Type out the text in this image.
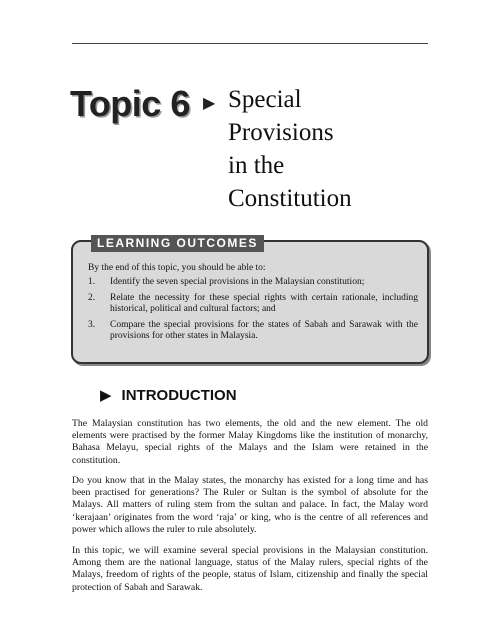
Topic 6 ▶ Special
Provisions
in the
Constitution
LEARNING OUTCOMES
By the end of this topic, you should be able to:
1.	Identify the seven special provisions in the Malaysian constitution;
2.	Relate the necessity for these special rights with certain rationale, including historical, political and cultural factors; and
3.	Compare the special provisions for the states of Sabah and Sarawak with the provisions for other states in Malaysia.
▶ INTRODUCTION

The Malaysian constitution has two elements, the old and the new element. The old elements were practised by the former Malay Kingdoms like the institution of monarchy, Bahasa Melayu, special rights of the Malays and the Islam were retained in the constitution.

Do you know that in the Malay states, the monarchy has existed for a long time and has been practised for generations? The Ruler or Sultan is the symbol of absolute for the Malays. All matters of ruling stem from the sultan and palace. In fact, the Malay word ‘kerajaan’ originates from the word ‘raja’ or king, who is the centre of all references and power which allows the ruler to rule absolutely.

In this topic, we will examine several special provisions in the Malaysian constitution. Among them are the national language, status of the Malay rulers, special rights of the Malays, freedom of rights of the people, status of Islam, citizenship and finally the special protection of Sabah and Sarawak.
